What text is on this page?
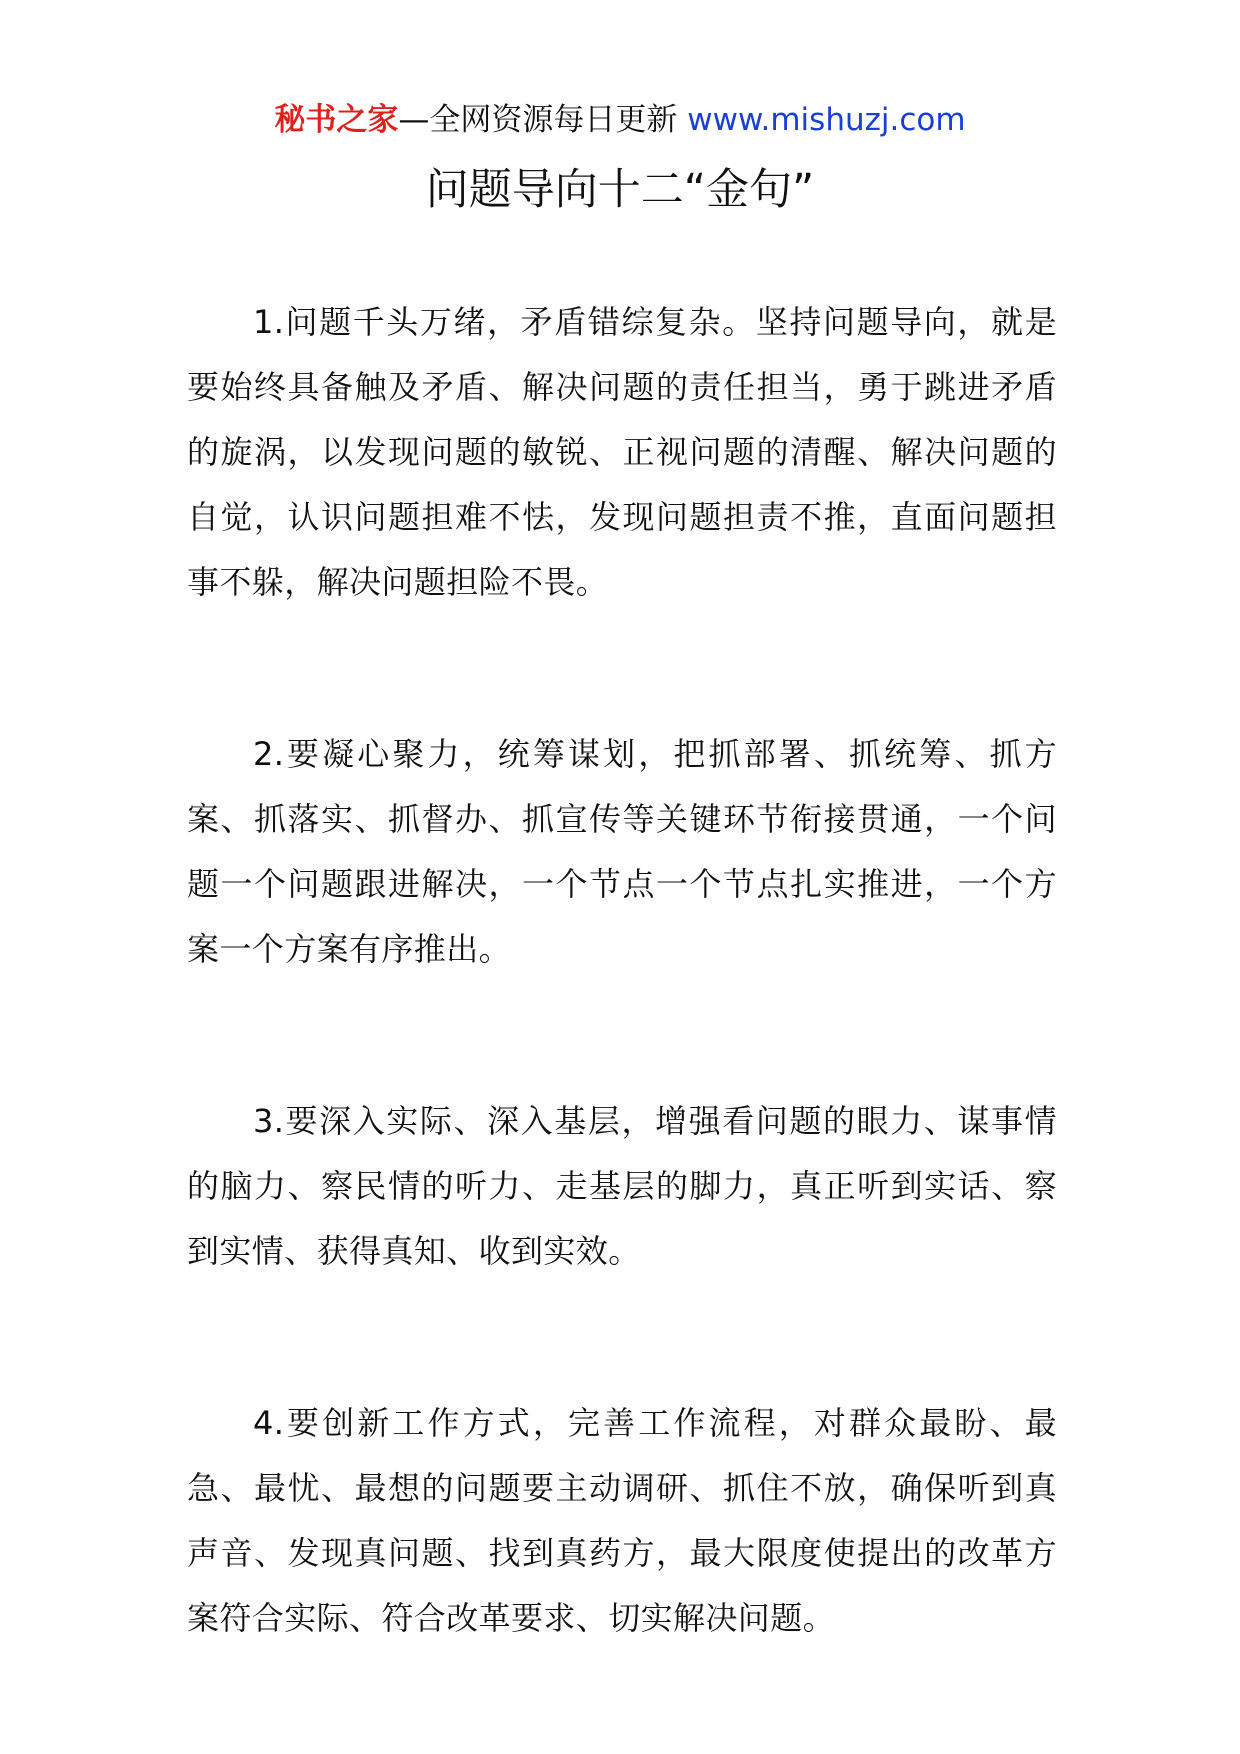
秘书之家—全网资源每日更新 www.mishuzj.com
问题导向十二“金句”

1.问题千头万绪，矛盾错综复杂。坚持问题导向，就是要始终具备触及矛盾、解决问题的责任担当，勇于跳进矛盾的旋涡，以发现问题的敏锐、正视问题的清醒、解决问题的自觉，认识问题担难不怯，发现问题担责不推，直面问题担事不躲，解决问题担险不畏。

2.要凝心聚力，统筹谋划，把抓部署、抓统筹、抓方案、抓落实、抓督办、抓宣传等关键环节衔接贯通，一个问题一个问题跟进解决，一个节点一个节点扎实推进，一个方案一个方案有序推出。

3.要深入实际、深入基层，增强看问题的眼力、谋事情的脑力、察民情的听力、走基层的脚力，真正听到实话、察到实情、获得真知、收到实效。

4.要创新工作方式，完善工作流程，对群众最盼、最急、最忧、最想的问题要主动调研、抓住不放，确保听到真声音、发现真问题、找到真药方，最大限度使提出的改革方案符合实际、符合改革要求、切实解决问题。
